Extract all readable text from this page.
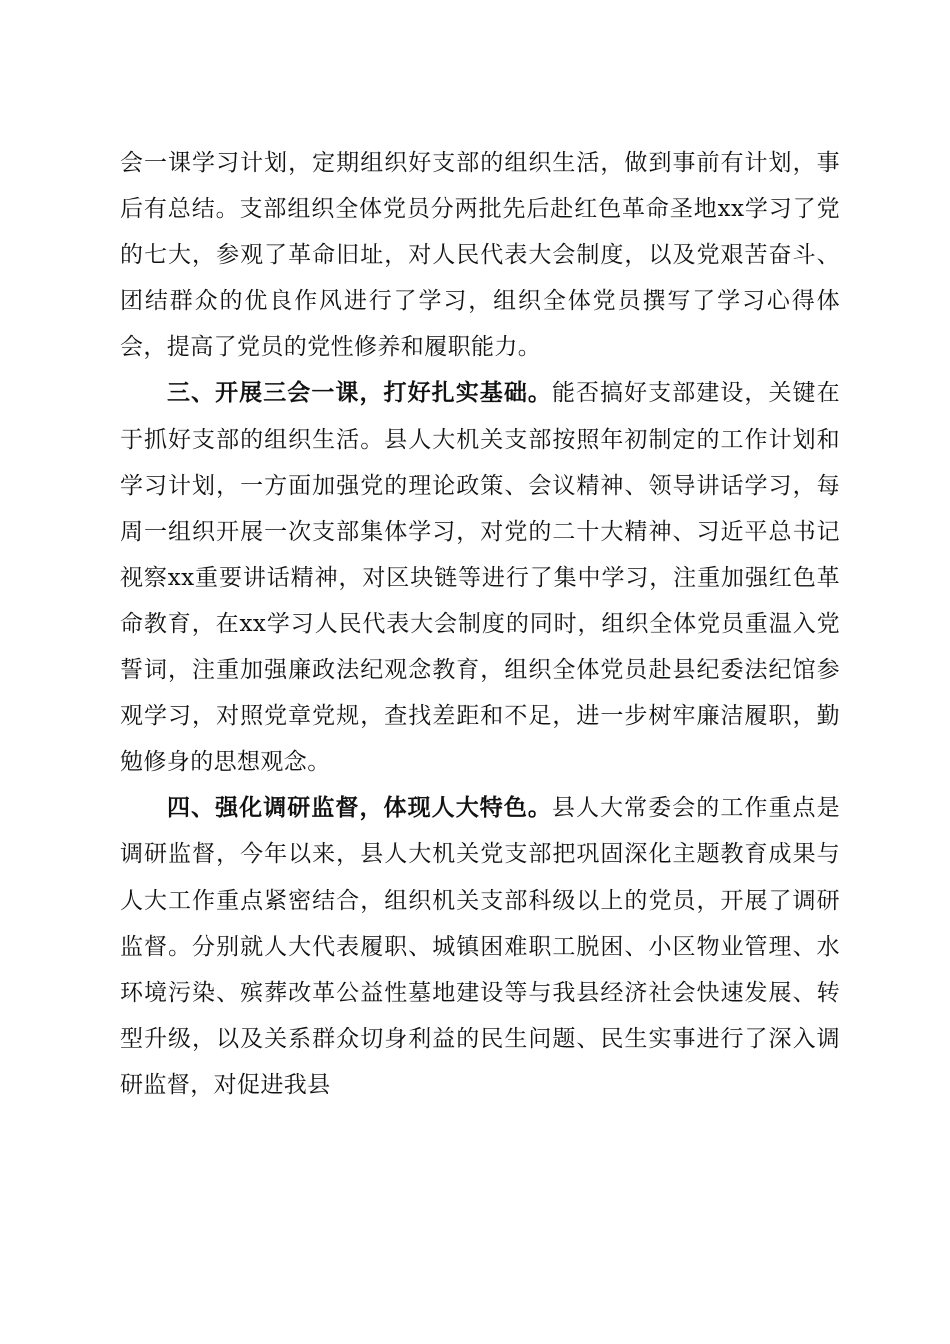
会一课学习计划，定期组织好支部的组织生活，做到事前有计划，事后有总结。支部组织全体党员分两批先后赴红色革命圣地xx学习了党的七大，参观了革命旧址，对人民代表大会制度，以及党艰苦奋斗、团结群众的优良作风进行了学习，组织全体党员撰写了学习心得体会，提高了党员的党性修养和履职能力。

三、开展三会一课，打好扎实基础。能否搞好支部建设，关键在于抓好支部的组织生活。县人大机关支部按照年初制定的工作计划和学习计划，一方面加强党的理论政策、会议精神、领导讲话学习，每周一组织开展一次支部集体学习，对党的二十大精神、习近平总书记视察xx重要讲话精神，对区块链等进行了集中学习，注重加强红色革命教育，在xx学习人民代表大会制度的同时，组织全体党员重温入党誓词，注重加强廉政法纪观念教育，组织全体党员赴县纪委法纪馆参观学习，对照党章党规，查找差距和不足，进一步树牢廉洁履职，勤勉修身的思想观念。

四、强化调研监督，体现人大特色。县人大常委会的工作重点是调研监督，今年以来，县人大机关党支部把巩固深化主题教育成果与人大工作重点紧密结合，组织机关支部科级以上的党员，开展了调研监督。分别就人大代表履职、城镇困难职工脱困、小区物业管理、水环境污染、殡葬改革公益性墓地建设等与我县经济社会快速发展、转型升级，以及关系群众切身利益的民生问题、民生实事进行了深入调研监督，对促进我县
